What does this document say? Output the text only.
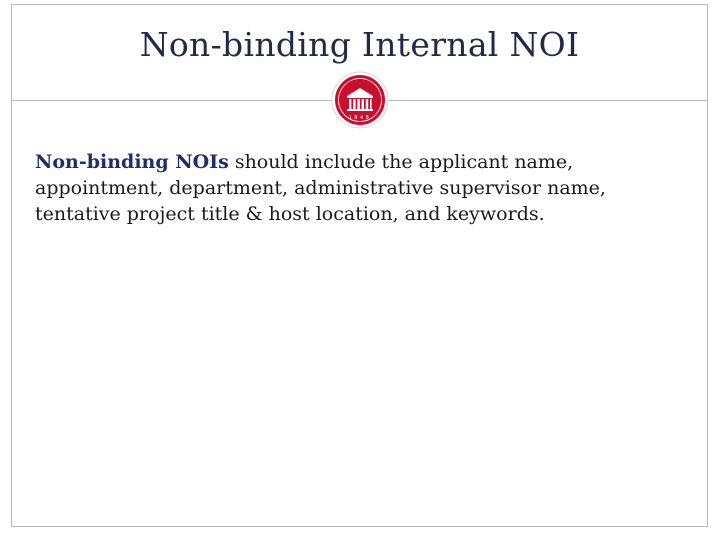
Non-binding Internal NOI
1848
Non-binding NOIs should include the applicant name, appointment, department, administrative supervisor name, tentative project title & host location, and keywords.
